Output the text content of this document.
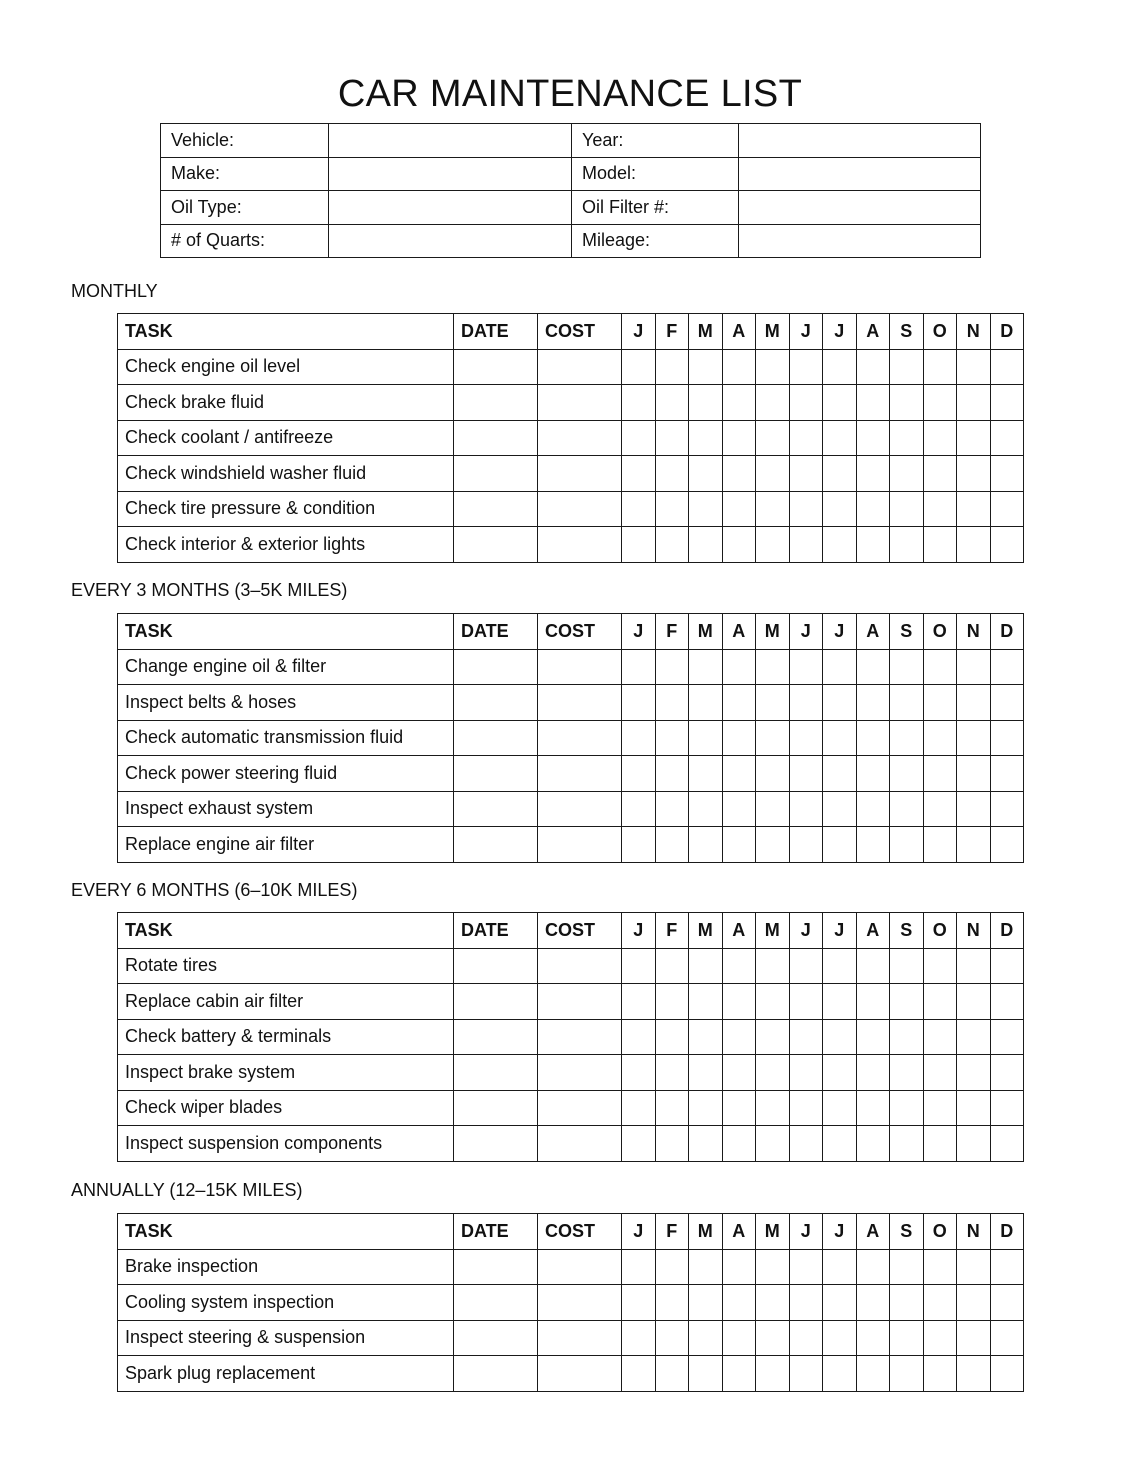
CAR MAINTENANCE LIST
Vehicle:		Year:	
Make:		Model:	
Oil Type:		Oil Filter #:	
# of Quarts:		Mileage:	
MONTHLY
TASK	DATE	COST	J	F	M	A	M	J	J	A	S	O	N	D
Check engine oil level														
Check brake fluid														
Check coolant / antifreeze														
Check windshield washer fluid														
Check tire pressure & condition														
Check interior & exterior lights														
EVERY 3 MONTHS (3–5K MILES)
TASK	DATE	COST	J	F	M	A	M	J	J	A	S	O	N	D
Change engine oil & filter														
Inspect belts & hoses														
Check automatic transmission fluid														
Check power steering fluid														
Inspect exhaust system														
Replace engine air filter														
EVERY 6 MONTHS (6–10K MILES)
TASK	DATE	COST	J	F	M	A	M	J	J	A	S	O	N	D
Rotate tires														
Replace cabin air filter														
Check battery & terminals														
Inspect brake system														
Check wiper blades														
Inspect suspension components														
ANNUALLY (12–15K MILES)
TASK	DATE	COST	J	F	M	A	M	J	J	A	S	O	N	D
Brake inspection														
Cooling system inspection														
Inspect steering & suspension														
Spark plug replacement														
